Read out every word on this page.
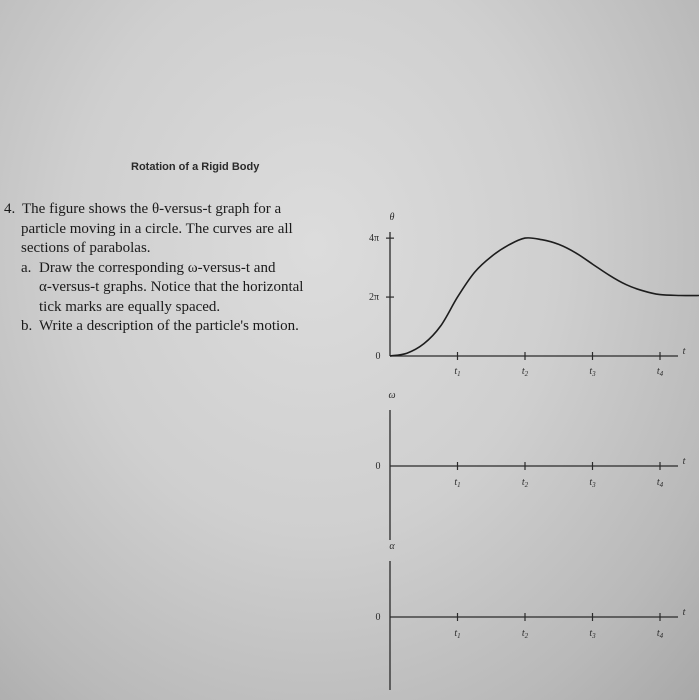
Rotation of a Rigid Body
4. The figure shows the θ-versus-t graph for a
particle moving in a circle. The curves are all
sections of parabolas.
a. Draw the corresponding ω-versus-t and
α-versus-t graphs. Notice that the horizontal
tick marks are equally spaced.
b. Write a description of the particle's motion.
θ
t
0
$t_1$	$t_2$	$t_3$	$t_4$
ω
t
0
$t_1$	$t_2$	$t_3$	$t_4$
α
t
0
$t_1$	$t_2$	$t_3$	$t_4$
4π
2π
